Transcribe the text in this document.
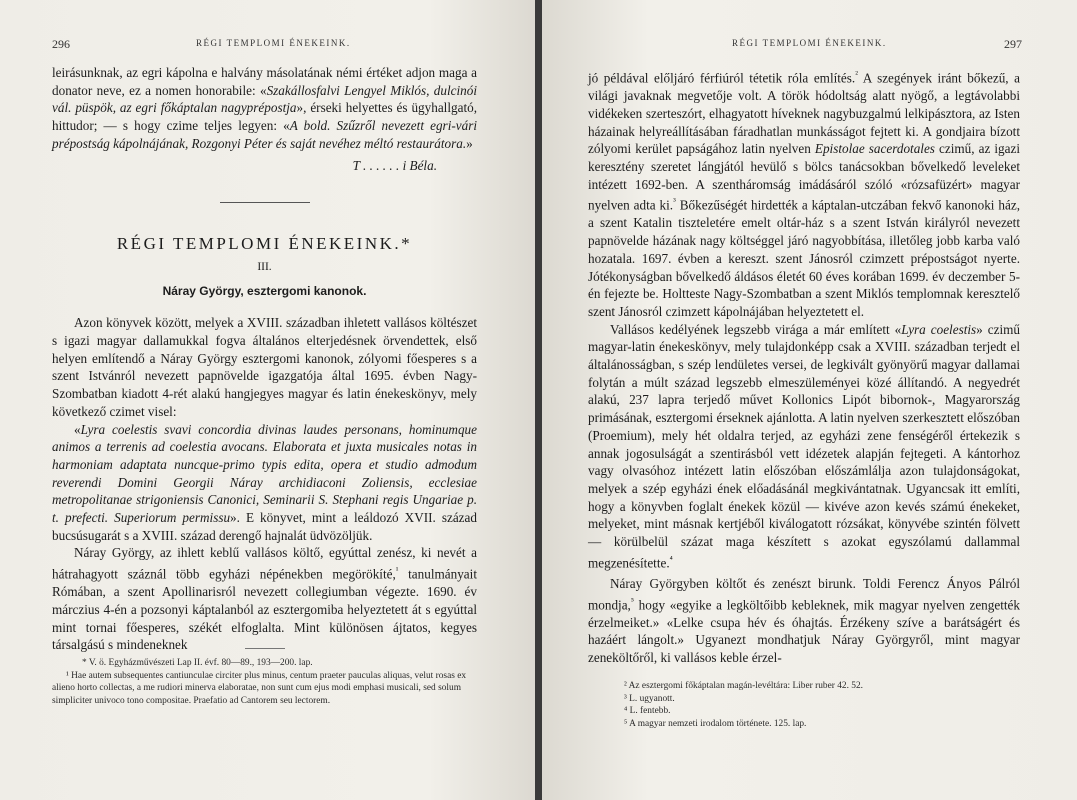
296	RÉGI TEMPLOMI ÉNEKEINK.

leirásunknak, az egri kápolna e halvány másolatának némi értéket adjon maga a donator neve, ez a nomen honorabile: «Szakállosfalvi Lengyel Miklós, dulcinói vál. püspök, az egri főkáptalan nagyprépostja», érseki helyettes és ügyhallgató, hittudor; — s hogy czime teljes legyen: «A bold. Szűzről nevezett egri-vári prépostság kápolnájának, Rozgonyi Péter és saját nevéhez méltó restaurátora.»

T . . . . . . i Béla.
RÉGI TEMPLOMI ÉNEKEINK.*
III.
Náray György, esztergomi kanonok.

Azon könyvek között, melyek a XVIII. században ihletett vallásos költészet s igazi magyar dallamukkal fogva általános elterjedésnek örvendettek, első helyen említendő a Náray György esztergomi kanonok, zólyomi főesperes s a szent Istvánról nevezett papnövelde igazgatója által 1695. évben Nagy-Szombatban kiadott 4-rét alakú hangjegyes magyar és latin énekeskönyv, mely következő czimet visel:

«Lyra coelestis svavi concordia divinas laudes personans, hominumque animos a terrenis ad coelestia avocans. Elaborata et juxta musicales notas in harmoniam adaptata nuncque-primo typis edita, opera et studio admodum reverendi Domini Georgii Náray archidiaconi Zoliensis, ecclesiae metropolitanae strigoniensis Canonici, Seminarii S. Stephani regis Ungariae p. t. prefecti. Superiorum permissu». E könyvet, mint a leáldozó XVII. század bucsúsugarát s a XVIII. század derengő hajnalát üdvözöljük.

Náray György, az ihlett keblű vallásos költő, egyúttal zenész, ki nevét a hátrahagyott száznál több egyházi népénekben megörökíté,$^{^1}$ tanulmányait Rómában, a szent Apollinarisról nevezett collegiumban végezte. 1690. év márczius 4-én a pozsonyi káptalanból az esztergomiba helyeztetett át s egyúttal mint tornai főesperes, székét elfoglalta. Mint különösen ájtatos, kegyes társalgású s mindeneknek

* V. ö. Egyházművészeti Lap II. évf. 80—89., 193—200. lap.

¹ Hae autem subsequentes cantiunculae circiter plus minus, centum praeter pauculas aliquas, velut rosas ex alieno horto collectas, a me rudiori minerva elaboratae, non sunt cum ejus modi emphasi musicali, sed solum simpliciter univoco tono compositae. Praefatio ad Cantorem seu lectorem.

RÉGI TEMPLOMI ÉNEKEINK.	297

jó példával előljáró férfiúról tétetik róla említés.$^{^2}$ A szegények iránt bőkezű, a világi javaknak megvetője volt. A török hódoltság alatt nyögő, a legtávolabbi vidékeken szerteszórt, elhagyatott híveknek nagybuzgalmú lelkipásztora, az Isten házainak helyreállításában fáradhatlan munkásságot fejtett ki. A gondjaira bízott zólyomi kerület papságához latin nyelven Epistolae sacerdotales czimű, az igazi keresztény szeretet lángjától hevülő s bölcs tanácsokban bővelkedő leveleket intézett 1692-ben. A szentháromság imádásáról szóló «rózsafüzért» magyar nyelven adta ki.$^{^3}$ Bőkezűségét hirdették a káptalan-utczában fekvő kanonoki ház, a szent Katalin tiszteletére emelt oltár-ház s a szent István királyról nevezett papnövelde házának nagy költséggel járó nagyobbítása, illetőleg jobb karba való hozatala. 1697. évben a kereszt. szent Jánosról czimzett prépostságot nyerte. Jótékonyságban bővelkedő áldásos életét 60 éves korában 1699. év deczember 5-én fejezte be. Holtteste Nagy-Szombatban a szent Miklós templomnak keresztelő szent Jánosról czimzett kápolnájában helyeztetett el.

Vallásos kedélyének legszebb virága a már említett «Lyra coelestis» czimű magyar-latin énekeskönyv, mely tulajdonképp csak a XVIII. században terjedt el általánosságban, s szép lendületes versei, de legkivált gyönyörű magyar dallamai folytán a múlt század legszebb elmeszüleményei közé állítandó. A negyedrét alakú, 237 lapra terjedő művet Kollonics Lipót bibornok-, Magyarország primásának, esztergomi érseknek ajánlotta. A latin nyelven szerkesztett előszóban (Proemium), mely hét oldalra terjed, az egyházi zene fenségéről értekezik s annak jogosulságát a szentirásból vett idézetek alapján fejtegeti. A kántorhoz vagy olvasóhoz intézett latin előszóban előszámlálja azon tulajdonságokat, melyek a szép egyházi ének előadásánál megkivántatnak. Ugyancsak itt említi, hogy a könyvben foglalt énekek közül — kivéve azon kevés számú énekeket, melyeket, mint másnak kertjéből kiválogatott rózsákat, könyvébe szintén fölvett — körülbelül százat maga készített s azokat egyszólamú dallammal megzenésítette.$^{^4}$

Náray Györgyben költőt és zenészt birunk. Toldi Ferencz Ányos Pálról mondja,$^{^5}$ hogy «egyike a legköltőibb kebleknek, mik magyar nyelven zengették érzelmeiket.» «Lelke csupa hév és óhajtás. Érzékeny szíve a barátságért és hazáért lángolt.» Ugyanezt mondhatjuk Náray Györgyről, mint magyar zeneköltőről, ki vallásos keble érzel-

² Az esztergomi főkáptalan magán-levéltára: Liber ruber 42. 52.

³ L. ugyanott.

⁴ L. fentebb.

⁵ A magyar nemzeti irodalom története. 125. lap.
